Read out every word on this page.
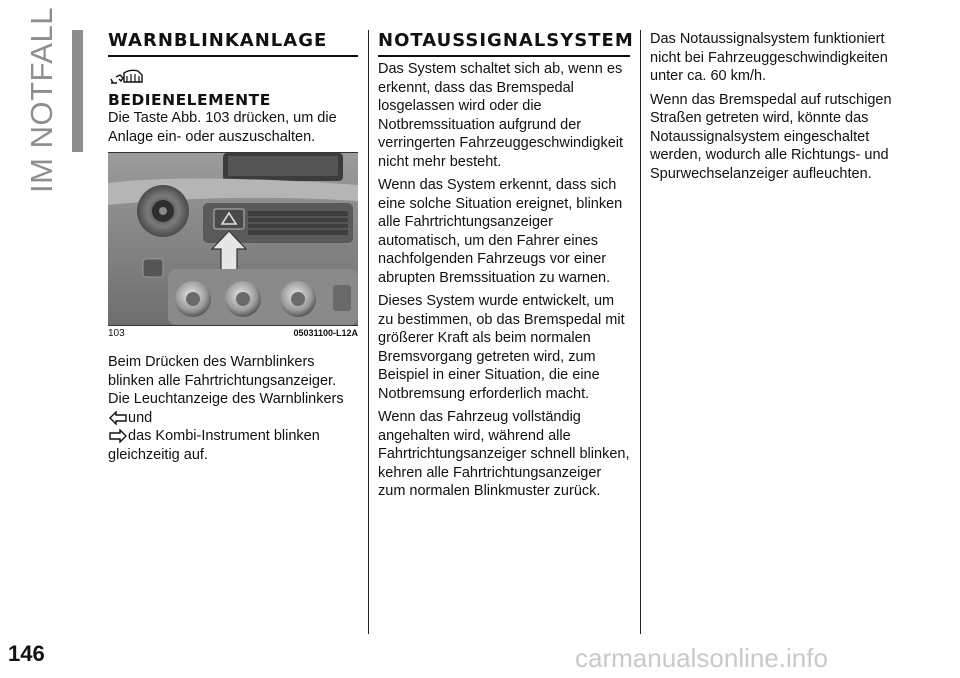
IM NOTFALL	WARNBLINKANLAGE
BEDIENELEMENTE

Die Taste Abb. 103 drücken, um die Anlage ein- oder auszuschalten.

103	05031100-L12A

Beim Drücken des Warnblinkers blinken alle Fahrtrichtungsanzeiger. Die Leuchtanzeige des Warnblinkersund
das Kombi-Instrument blinken gleichzeitig auf.

NOTAUSSIGNALSYSTEM

Das System schaltet sich ab, wenn es erkennt, dass das Bremspedal losgelassen wird oder die Notbremssituation aufgrund der verringerten Fahrzeuggeschwindigkeit nicht mehr besteht.

Wenn das System erkennt, dass sich eine solche Situation ereignet, blinken alle Fahrtrichtungsanzeiger automatisch, um den Fahrer eines nachfolgenden Fahrzeugs vor einer abrupten Bremssituation zu warnen.

Dieses System wurde entwickelt, um zu bestimmen, ob das Bremspedal mit größerer Kraft als beim normalen Bremsvorgang getreten wird, zum Beispiel in einer Situation, die eine Notbremsung erforderlich macht.

Wenn das Fahrzeug vollständig angehalten wird, während alle Fahrtrichtungsanzeiger schnell blinken, kehren alle Fahrtrichtungsanzeiger zum normalen Blinkmuster zurück.

Das Notaussignalsystem funktioniert nicht bei Fahrzeuggeschwindigkeiten unter ca. 60 km/h.

Wenn das Bremspedal auf rutschigen Straßen getreten wird, könnte das Notaussignalsystem eingeschaltet werden, wodurch alle Richtungs- und Spurwechselanzeiger aufleuchten.

146	carmanualsonline.info
